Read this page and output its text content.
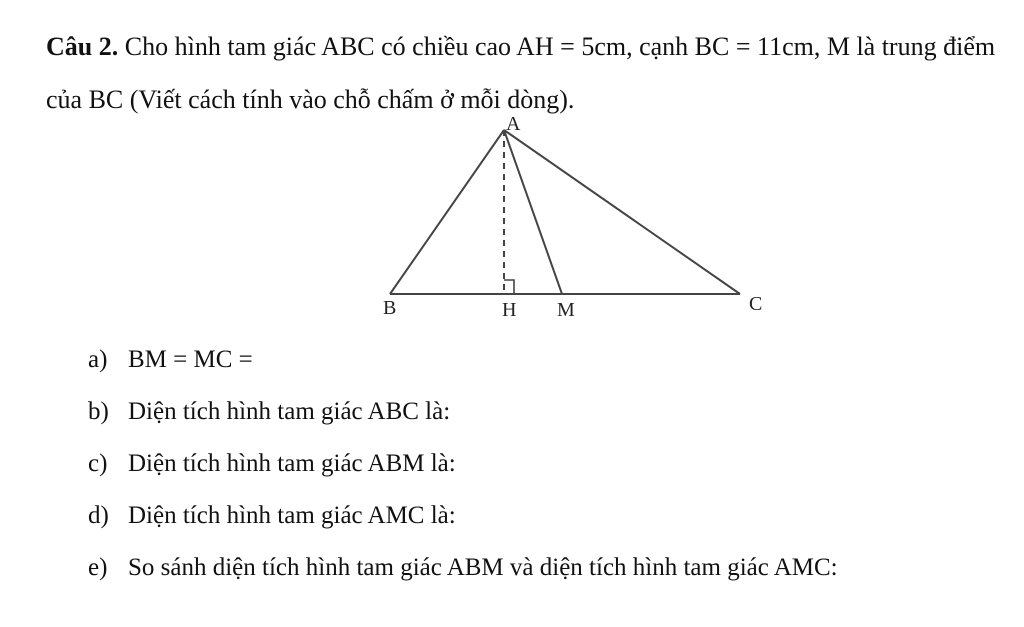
Câu 2. Cho hình tam giác ABC có chiều cao AH = 5cm, cạnh BC = 11cm, M là trung điểm của BC (Viết cách tính vào chỗ chấm ở mỗi dòng).
A
B	C
H M
a) BM = MC =
b) Diện tích hình tam giác ABC là:
c) Diện tích hình tam giác ABM là:
d) Diện tích hình tam giác AMC là:
e) So sánh diện tích hình tam giác ABM và diện tích hình tam giác AMC:
